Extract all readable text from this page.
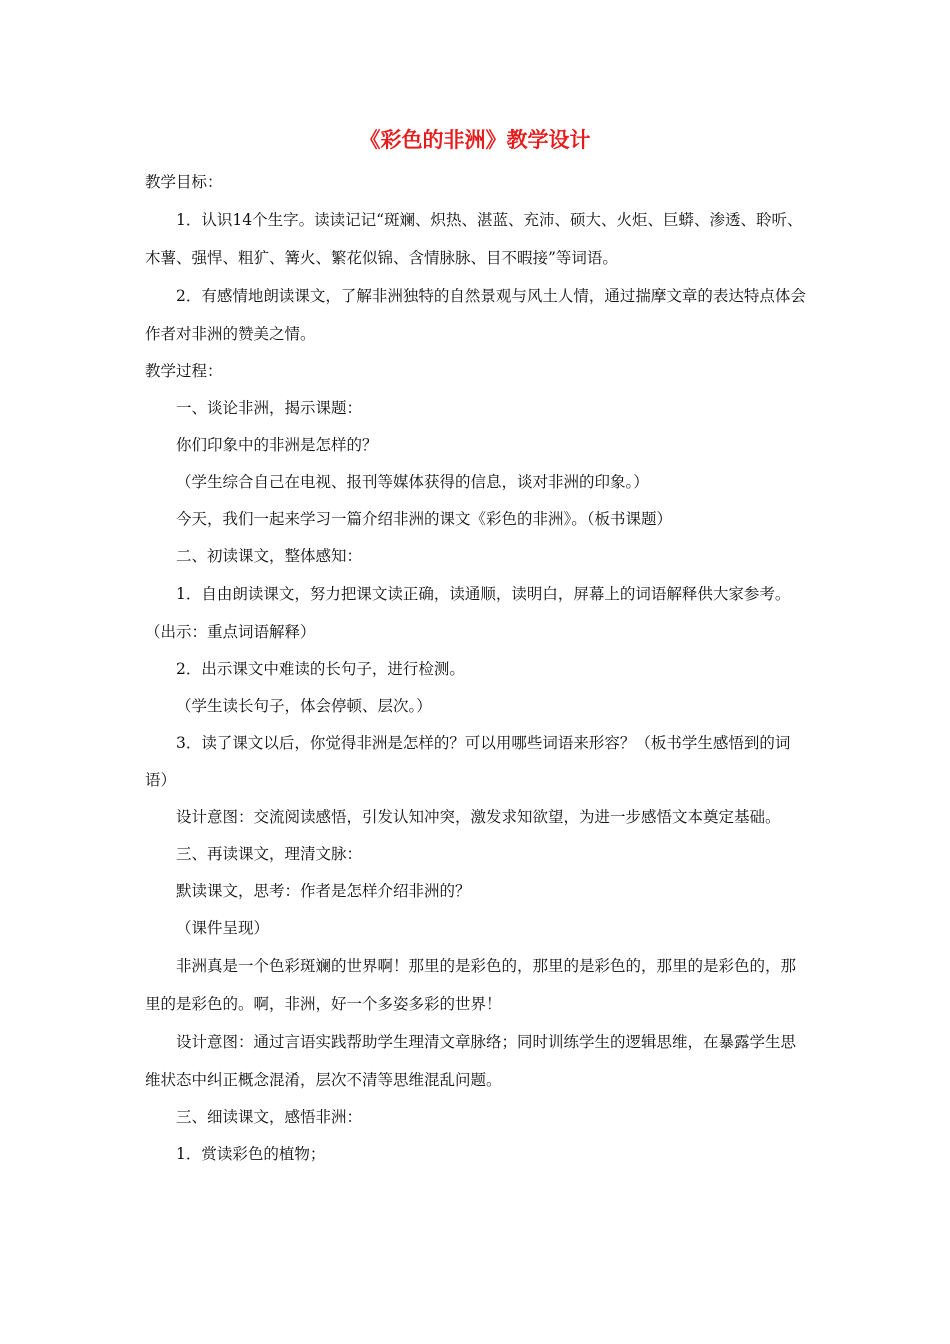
《彩色的非洲》教学设计

教学目标：

1．认识14个生字。读读记记“斑斓、炽热、湛蓝、充沛、硕大、火炬、巨蟒、渗透、聆听、木薯、强悍、粗犷、篝火、繁花似锦、含情脉脉、目不暇接”等词语。

2．有感情地朗读课文，了解非洲独特的自然景观与风土人情，通过揣摩文章的表达特点体会作者对非洲的赞美之情。

教学过程：

一、谈论非洲，揭示课题：

你们印象中的非洲是怎样的？

（学生综合自己在电视、报刊等媒体获得的信息，谈对非洲的印象。）

今天，我们一起来学习一篇介绍非洲的课文《彩色的非洲》。（板书课题）

二、初读课文，整体感知：

1．自由朗读课文，努力把课文读正确，读通顺，读明白，屏幕上的词语解释供大家参考。（出示：重点词语解释）

2．出示课文中难读的长句子，进行检测。

（学生读长句子，体会停顿、层次。）

3．读了课文以后，你觉得非洲是怎样的？可以用哪些词语来形容？（板书学生感悟到的词语）

设计意图：交流阅读感悟，引发认知冲突，激发求知欲望，为进一步感悟文本奠定基础。

三、再读课文，理清文脉：

默读课文，思考：作者是怎样介绍非洲的？

（课件呈现）

非洲真是一个色彩斑斓的世界啊！那里的是彩色的，那里的是彩色的，那里的是彩色的，那里的是彩色的。啊，非洲，好一个多姿多彩的世界！

设计意图：通过言语实践帮助学生理清文章脉络；同时训练学生的逻辑思维，在暴露学生思维状态中纠正概念混淆，层次不清等思维混乱问题。

三、细读课文，感悟非洲：

1．赏读彩色的植物；
